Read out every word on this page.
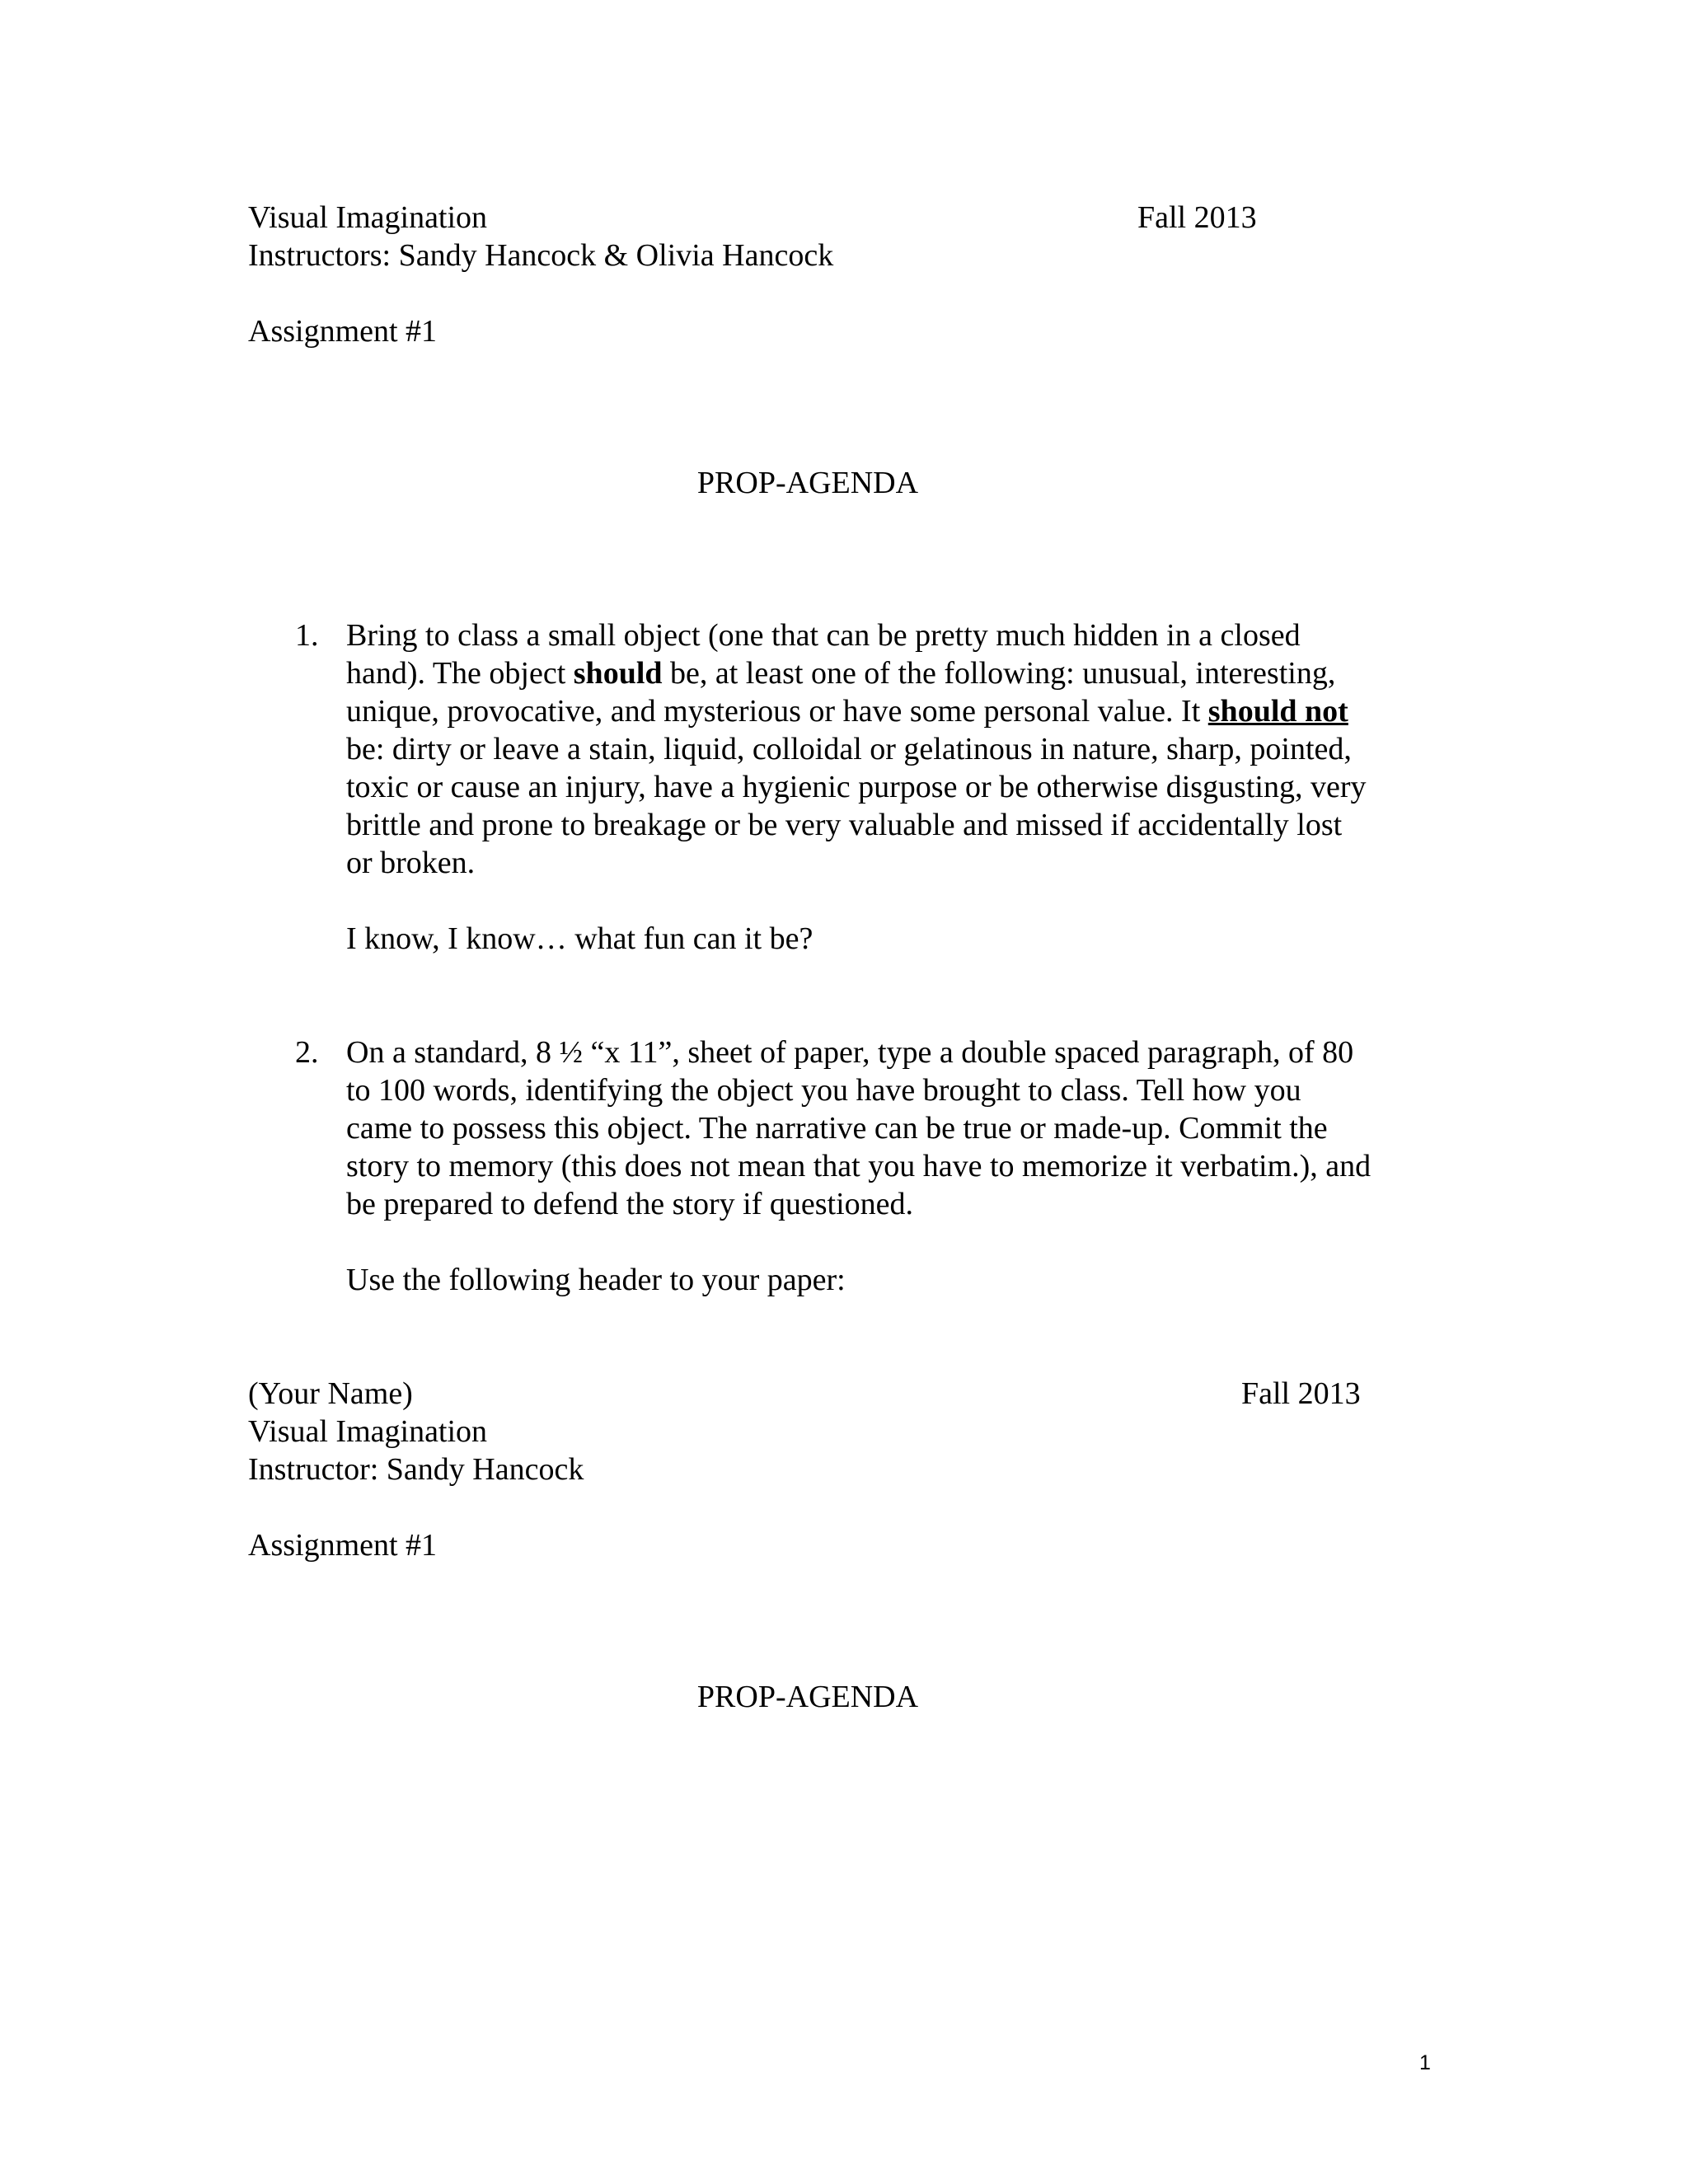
Visual Imagination	Fall 2013
Instructors: Sandy Hancock & Olivia Hancock
Assignment #1
PROP-AGENDA
1. Bring to class a small object (one that can be pretty much hidden in a closed
hand). The object should be, at least one of the following: unusual, interesting,
unique, provocative, and mysterious or have some personal value. It should not
be: dirty or leave a stain, liquid, colloidal or gelatinous in nature, sharp, pointed,
toxic or cause an injury, have a hygienic purpose or be otherwise disgusting, very
brittle and prone to breakage or be very valuable and missed if accidentally lost
or broken.
I know, I know… what fun can it be?
2. On a standard, 8 ½ “x 11”, sheet of paper, type a double spaced paragraph, of 80
to 100 words, identifying the object you have brought to class. Tell how you
came to possess this object. The narrative can be true or made-up. Commit the
story to memory (this does not mean that you have to memorize it verbatim.), and
be prepared to defend the story if questioned.
Use the following header to your paper:
(Your Name)	Fall 2013
Visual Imagination
Instructor: Sandy Hancock
Assignment #1
PROP-AGENDA
1
